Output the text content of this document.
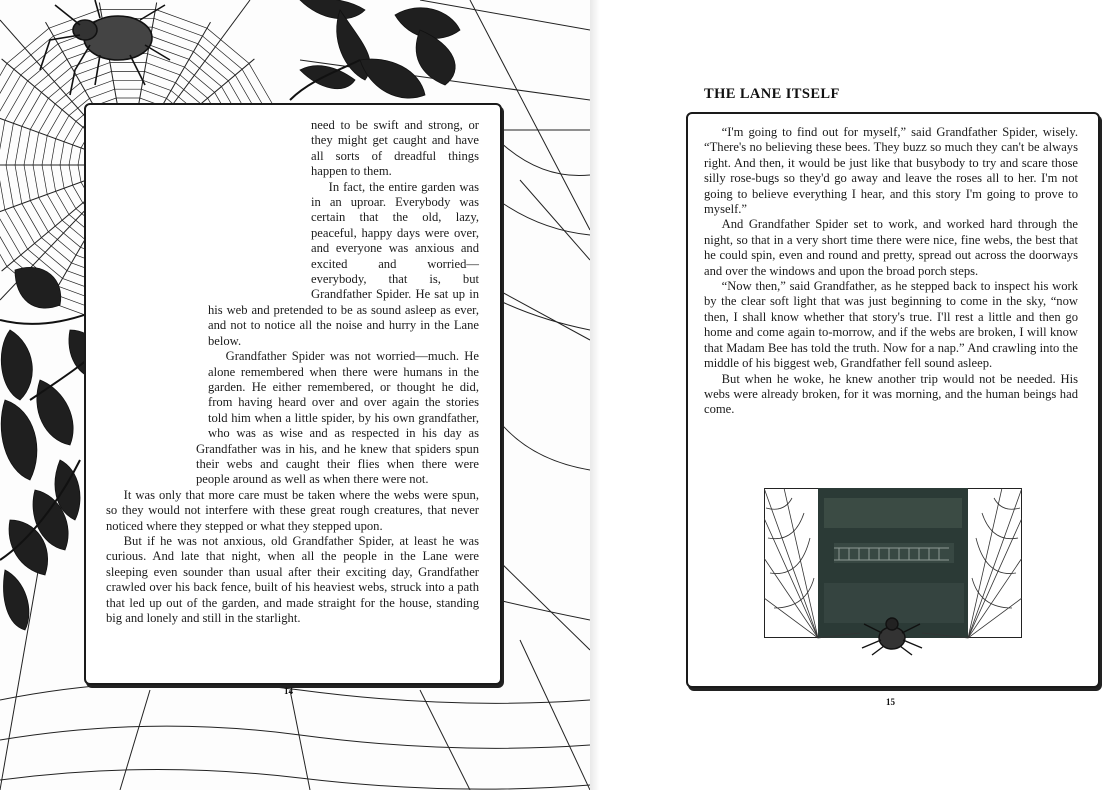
need to be swift and strong, or they might get caught and have all sorts of dreadful things happen to them.

In fact, the entire garden was in an uproar. Everybody was certain that the old, lazy, peaceful, happy days were over, and everyone was anxious and excited and worried—everybody, that is, but Grandfather Spider. He sat up in his web and pretended to be as sound asleep as ever, and not to notice all the noise and hurry in the Lane below.

Grandfather Spider was not worried—much. He alone remembered when there were humans in the garden. He either remembered, or thought he did, from having heard over and over again the stories told him when a little spider, by his own grandfather, who was as wise and as respected in his day as Grandfather was in his, and he knew that spiders spun their webs and caught their flies when there were people around as well as when there were not.

It was only that more care must be taken where the webs were spun, so they would not interfere with these great rough creatures, that never noticed where they stepped or what they stepped upon.

But if he was not anxious, old Grandfather Spider, at least he was curious. And late that night, when all the people in the Lane were sleeping even sounder than usual after their exciting day, Grandfather crawled over his back fence, built of his heaviest webs, struck into a path that led up out of the garden, and made straight for the house, standing big and lonely and still in the starlight.

14
THE LANE ITSELF

“I'm going to find out for myself,” said Grandfather Spider, wisely. “There's no believing these bees. They buzz so much they can't be always right. And then, it would be just like that busybody to try and scare those silly rose-bugs so they'd go away and leave the roses all to her. I'm not going to believe everything I hear, and this story I'm going to prove to myself.”

And Grandfather Spider set to work, and worked hard through the night, so that in a very short time there were nice, fine webs, the best that he could spin, even and round and pretty, spread out across the doorways and over the windows and upon the broad porch steps.

“Now then,” said Grandfather, as he stepped back to inspect his work by the clear soft light that was just beginning to come in the sky, “now then, I shall know whether that story's true. I'll rest a little and then go home and come again to-morrow, and if the webs are broken, I will know that Madam Bee has told the truth. Now for a nap.” And crawling into the middle of his biggest web, Grandfather fell sound asleep.

But when he woke, he knew another trip would not be needed. His webs were already broken, for it was morning, and the human beings had come.

15
